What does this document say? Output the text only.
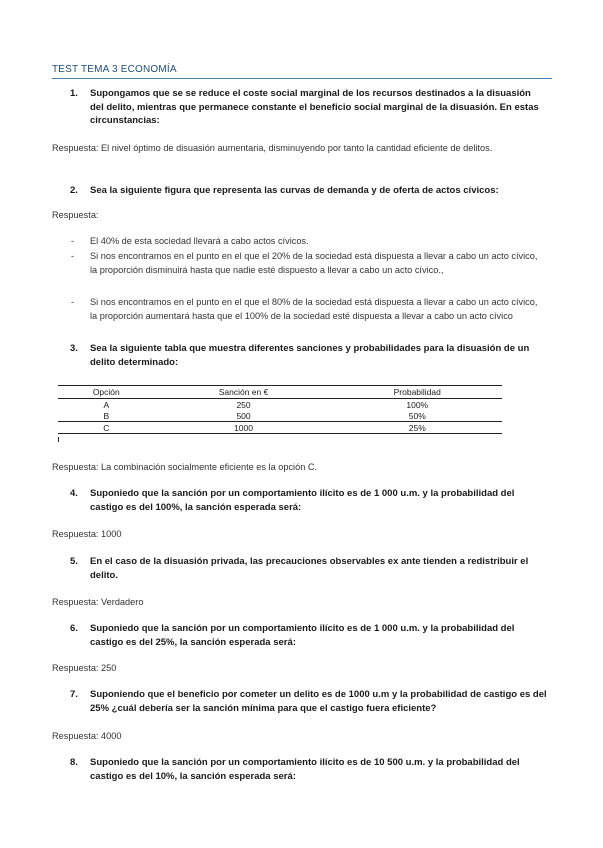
TEST TEMA 3 ECONOMÍA
1. Supongamos que se se reduce el coste social marginal de los recursos destinados a la disuasión del delito, mientras que permanece constante el beneficio social marginal de la disuasión. En estas circunstancias:
Respuesta: El nivel óptimo de disuasión aumentaria, disminuyendo por tanto la cantidad eficiente de delitos.
2. Sea la siguiente figura que representa las curvas de demanda y de oferta de actos cívicos:
Respuesta:
- El 40% de esta sociedad llevará a cabo actos cívicos.
- Si nos encontramos en el punto en el que el 20% de la sociedad está dispuesta a llevar a cabo un acto cívico, la proporción disminuirá hasta que nadie esté dispuesto a llevar a cabo un acto cívico.,
- Si nos encontramos en el punto en el que el 80% de la sociedad está dispuesta a llevar a cabo un acto cívico, la proporción aumentará hasta que el 100% de la sociedad esté dispuesta a llevar a cabo un acto cívico
3. Sea la siguiente tabla que muestra diferentes sanciones y probabilidades para la disuasión de un delito determinado:
Opción	Sanción en €	Probabilidad
A	250	100%
B	500	50%
C	1000	25%
Respuesta: La combinación socialmente eficiente es la opción C.
4. Suponiedo que la sanción por un comportamiento ilícito es de 1 000 u.m. y la probabilidad del castigo es del 100%, la sanción esperada será:
Respuesta: 1000
5. En el caso de la disuasión privada, las precauciones observables ex ante tienden a redistribuir el delito.
Respuesta: Verdadero
6. Suponiedo que la sanción por un comportamiento ilícito es de 1 000 u.m. y la probabilidad del castigo es del 25%, la sanción esperada será:
Respuesta: 250
7. Suponiendo que el beneficio por cometer un delito es de 1000 u.m y la probabilidad de castigo es del 25% ¿cuál debería ser la sanción mínima para que el castigo fuera eficiente?
Respuesta: 4000
8. Suponiedo que la sanción por un comportamiento ilícito es de 10 500 u.m. y la probabilidad del castigo es del 10%, la sanción esperada será:
